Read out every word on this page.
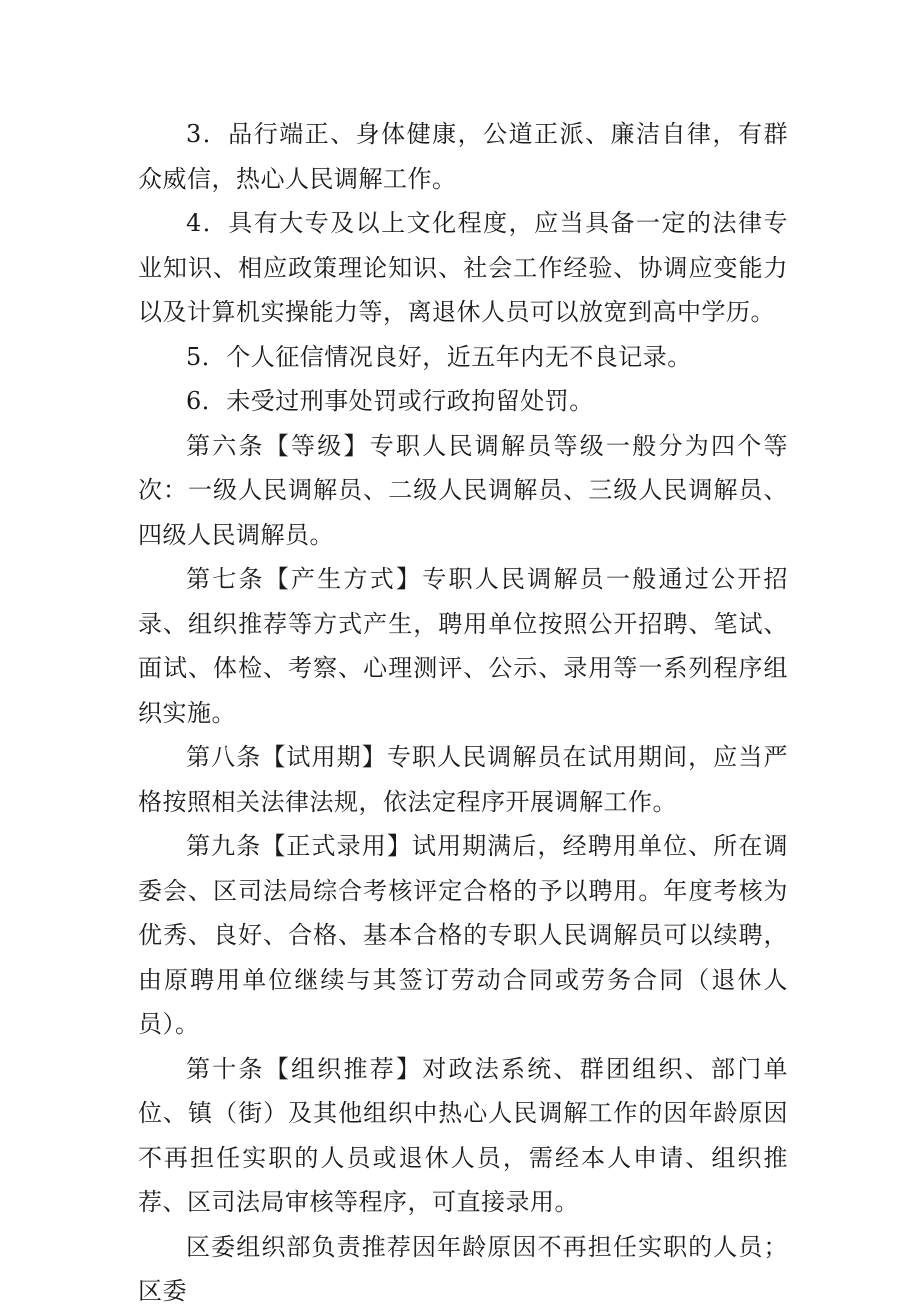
3．品行端正、身体健康，公道正派、廉洁自律，有群众威信，热心人民调解工作。

4．具有大专及以上文化程度，应当具备一定的法律专业知识、相应政策理论知识、社会工作经验、协调应变能力以及计算机实操能力等，离退休人员可以放宽到高中学历。

5．个人征信情况良好，近五年内无不良记录。

6．未受过刑事处罚或行政拘留处罚。

第六条【等级】专职人民调解员等级一般分为四个等次：一级人民调解员、二级人民调解员、三级人民调解员、四级人民调解员。

第七条【产生方式】专职人民调解员一般通过公开招录、组织推荐等方式产生，聘用单位按照公开招聘、笔试、面试、体检、考察、心理测评、公示、录用等一系列程序组织实施。

第八条【试用期】专职人民调解员在试用期间，应当严格按照相关法律法规，依法定程序开展调解工作。

第九条【正式录用】试用期满后，经聘用单位、所在调委会、区司法局综合考核评定合格的予以聘用。年度考核为优秀、良好、合格、基本合格的专职人民调解员可以续聘，由原聘用单位继续与其签订劳动合同或劳务合同（退休人员）。

第十条【组织推荐】对政法系统、群团组织、部门单位、镇（街）及其他组织中热心人民调解工作的因年龄原因不再担任实职的人员或退休人员，需经本人申请、组织推荐、区司法局审核等程序，可直接录用。

区委组织部负责推荐因年龄原因不再担任实职的人员；区委
